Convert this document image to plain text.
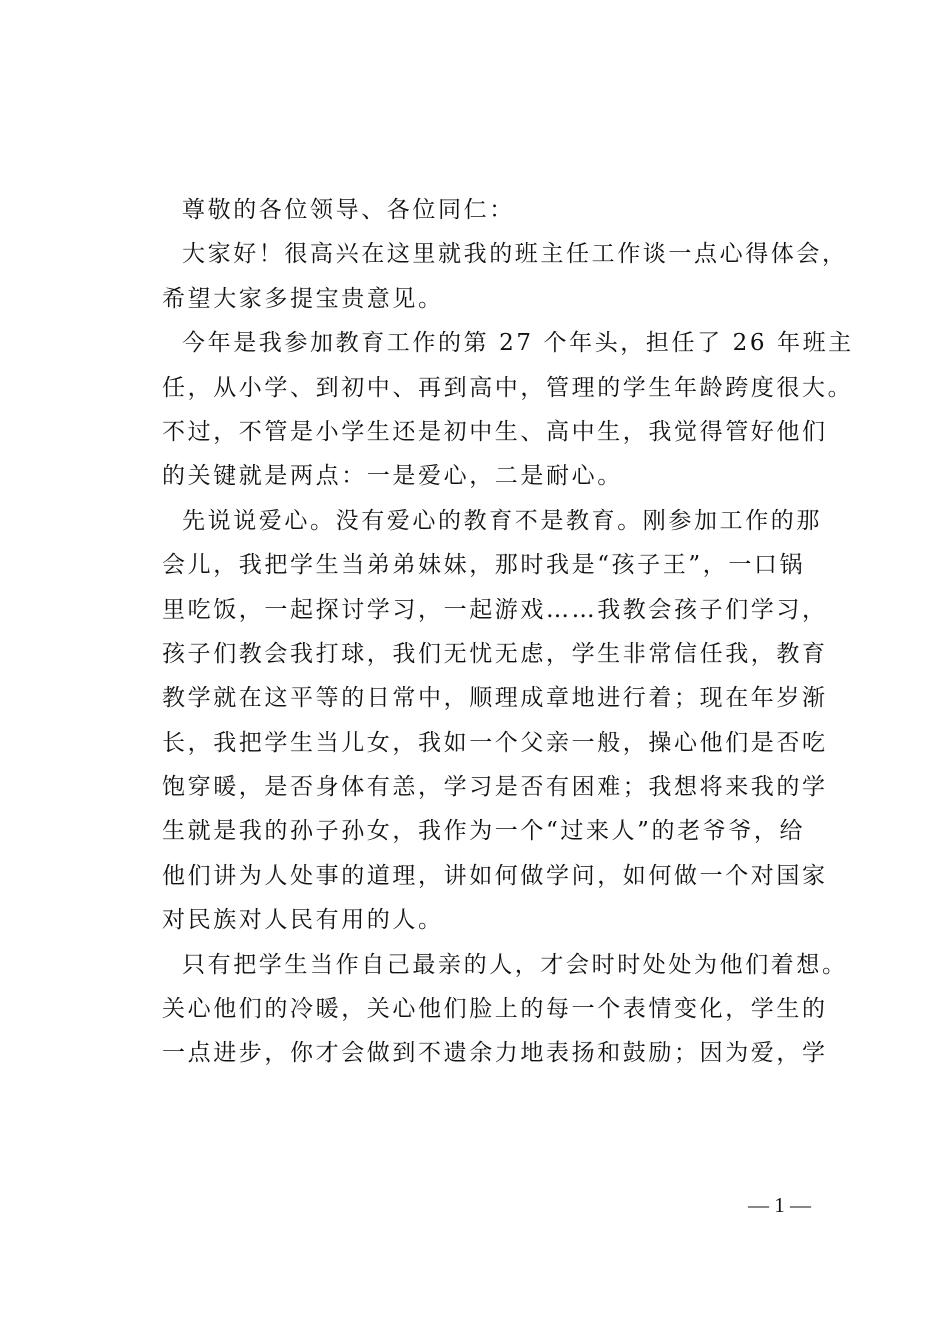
尊敬的各位领导、各位同仁：
大家好！很高兴在这里就我的班主任工作谈一点心得体会，
希望大家多提宝贵意见。
今年是我参加教育工作的第 27 个年头，担任了 26 年班主
任，从小学、到初中、再到高中，管理的学生年龄跨度很大。
不过，不管是小学生还是初中生、高中生，我觉得管好他们
的关键就是两点：一是爱心，二是耐心。
先说说爱心。没有爱心的教育不是教育。刚参加工作的那
会儿，我把学生当弟弟妹妹，那时我是“孩子王”，一口锅
里吃饭，一起探讨学习，一起游戏……我教会孩子们学习，
孩子们教会我打球，我们无忧无虑，学生非常信任我，教育
教学就在这平等的日常中，顺理成章地进行着；现在年岁渐
长，我把学生当儿女，我如一个父亲一般，操心他们是否吃
饱穿暖，是否身体有恙，学习是否有困难；我想将来我的学
生就是我的孙子孙女，我作为一个“过来人”的老爷爷，给
他们讲为人处事的道理，讲如何做学问，如何做一个对国家
对民族对人民有用的人。
只有把学生当作自己最亲的人，才会时时处处为他们着想。
关心他们的冷暖，关心他们脸上的每一个表情变化，学生的
一点进步，你才会做到不遗余力地表扬和鼓励；因为爱，学
— 1 —
